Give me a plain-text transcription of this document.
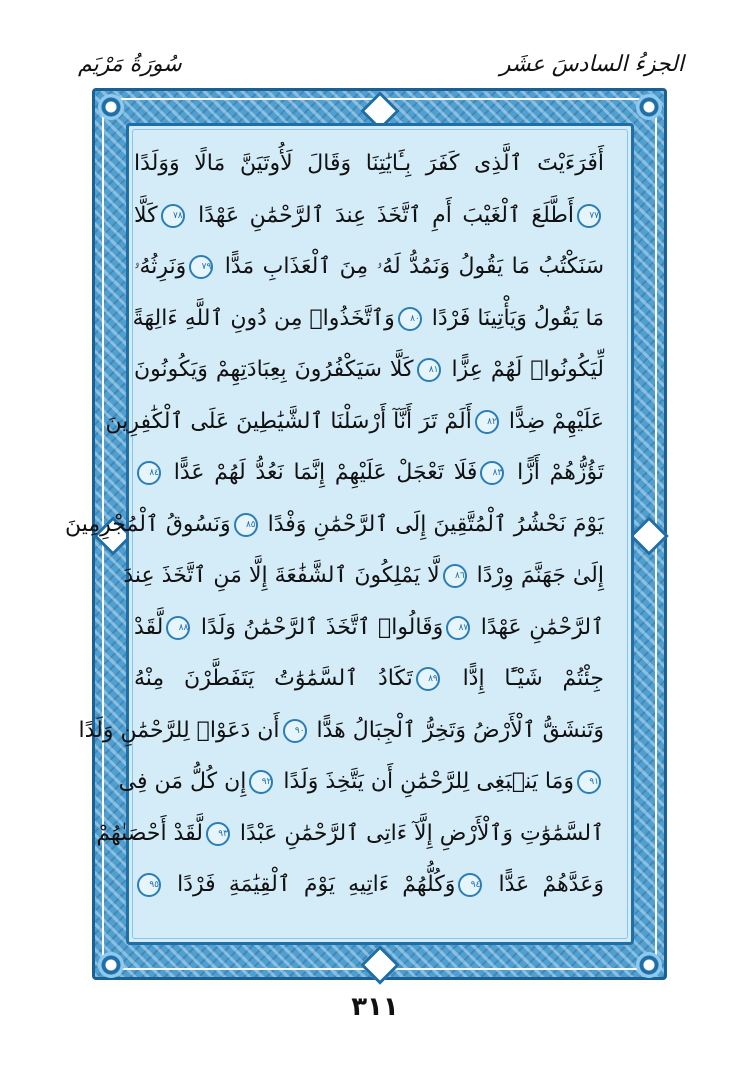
الجزءُ السادسَ عشَر
سُورَةُ مَرْيَم
أَفَرَءَيْتَ ٱلَّذِى كَفَرَ بِـَٔايَٰتِنَا وَقَالَ لَأُوتَيَنَّ مَالًا وَوَلَدًا
٧٧أَطَّلَعَ ٱلْغَيْبَ أَمِ ٱتَّخَذَ عِندَ ٱلرَّحْمَٰنِ عَهْدًا ٧٨كَلَّا
سَنَكْتُبُ مَا يَقُولُ وَنَمُدُّ لَهُۥ مِنَ ٱلْعَذَابِ مَدًّا ٧٩وَنَرِثُهُۥ
مَا يَقُولُ وَيَأْتِينَا فَرْدًا ٨٠وَٱتَّخَذُوا۟ مِن دُونِ ٱللَّهِ ءَالِهَةً
لِّيَكُونُوا۟ لَهُمْ عِزًّا ٨١كَلَّا سَيَكْفُرُونَ بِعِبَادَتِهِمْ وَيَكُونُونَ
عَلَيْهِمْ ضِدًّا ٨٢أَلَمْ تَرَ أَنَّآ أَرْسَلْنَا ٱلشَّيَٰطِينَ عَلَى ٱلْكَٰفِرِينَ
تَؤُزُّهُمْ أَزًّا ٨٣فَلَا تَعْجَلْ عَلَيْهِمْ إِنَّمَا نَعُدُّ لَهُمْ عَدًّا ٨٤
يَوْمَ نَحْشُرُ ٱلْمُتَّقِينَ إِلَى ٱلرَّحْمَٰنِ وَفْدًا ٨٥وَنَسُوقُ ٱلْمُجْرِمِينَ
إِلَىٰ جَهَنَّمَ وِرْدًا ٨٦لَّا يَمْلِكُونَ ٱلشَّفَٰعَةَ إِلَّا مَنِ ٱتَّخَذَ عِندَ
ٱلرَّحْمَٰنِ عَهْدًا ٨٧وَقَالُوا۟ ٱتَّخَذَ ٱلرَّحْمَٰنُ وَلَدًا ٨٨لَّقَدْ
جِئْتُمْ شَيْـًٔا إِدًّا ٨٩تَكَادُ ٱلسَّمَٰوَٰتُ يَتَفَطَّرْنَ مِنْهُ
وَتَنشَقُّ ٱلْأَرْضُ وَتَخِرُّ ٱلْجِبَالُ هَدًّا ٩٠أَن دَعَوْا۟ لِلرَّحْمَٰنِ وَلَدًا
٩١وَمَا يَنۢبَغِى لِلرَّحْمَٰنِ أَن يَتَّخِذَ وَلَدًا ٩٢إِن كُلُّ مَن فِى
ٱلسَّمَٰوَٰتِ وَٱلْأَرْضِ إِلَّآ ءَاتِى ٱلرَّحْمَٰنِ عَبْدًا ٩٣لَّقَدْ أَحْصَىٰهُمْ
وَعَدَّهُمْ عَدًّا ٩٤وَكُلُّهُمْ ءَاتِيهِ يَوْمَ ٱلْقِيَٰمَةِ فَرْدًا ٩٥
٣١١
